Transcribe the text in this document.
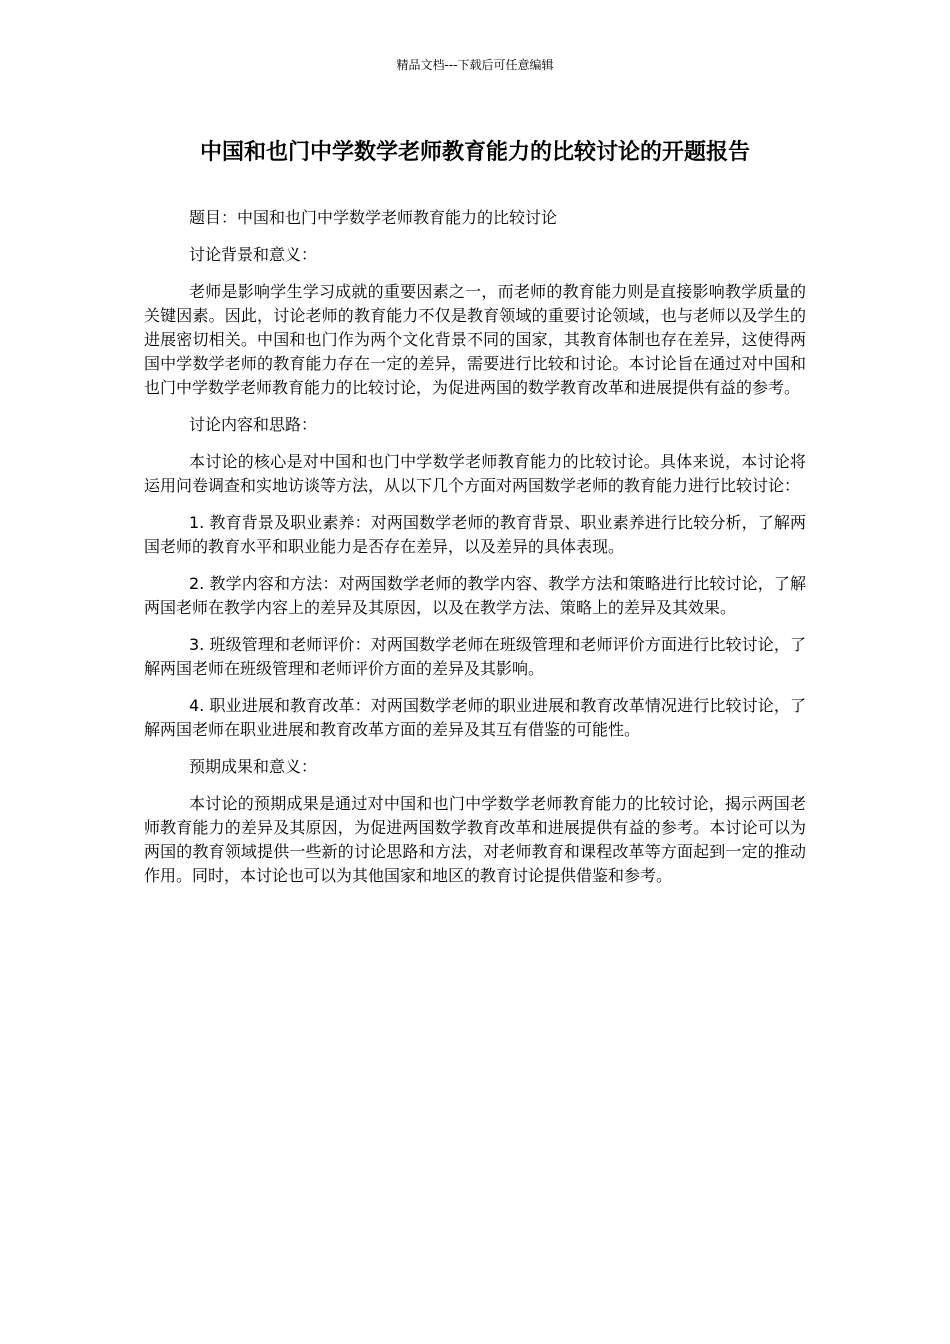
精品文档---下载后可任意编辑
中国和也门中学数学老师教育能力的比较讨论的开题报告

题目：中国和也门中学数学老师教育能力的比较讨论

讨论背景和意义：

老师是影响学生学习成就的重要因素之一，而老师的教育能力则是直接影响教学质量的关键因素。因此，讨论老师的教育能力不仅是教育领域的重要讨论领域，也与老师以及学生的进展密切相关。中国和也门作为两个文化背景不同的国家，其教育体制也存在差异，这使得两国中学数学老师的教育能力存在一定的差异，需要进行比较和讨论。本讨论旨在通过对中国和也门中学数学老师教育能力的比较讨论，为促进两国的数学教育改革和进展提供有益的参考。

讨论内容和思路：

本讨论的核心是对中国和也门中学数学老师教育能力的比较讨论。具体来说，本讨论将运用问卷调查和实地访谈等方法，从以下几个方面对两国数学老师的教育能力进行比较讨论：

1. 教育背景及职业素养：对两国数学老师的教育背景、职业素养进行比较分析，了解两国老师的教育水平和职业能力是否存在差异，以及差异的具体表现。

2. 教学内容和方法：对两国数学老师的教学内容、教学方法和策略进行比较讨论，了解两国老师在教学内容上的差异及其原因，以及在教学方法、策略上的差异及其效果。

3. 班级管理和老师评价：对两国数学老师在班级管理和老师评价方面进行比较讨论，了解两国老师在班级管理和老师评价方面的差异及其影响。

4. 职业进展和教育改革：对两国数学老师的职业进展和教育改革情况进行比较讨论，了解两国老师在职业进展和教育改革方面的差异及其互有借鉴的可能性。

预期成果和意义：

本讨论的预期成果是通过对中国和也门中学数学老师教育能力的比较讨论，揭示两国老师教育能力的差异及其原因，为促进两国数学教育改革和进展提供有益的参考。本讨论可以为两国的教育领域提供一些新的讨论思路和方法，对老师教育和课程改革等方面起到一定的推动作用。同时，本讨论也可以为其他国家和地区的教育讨论提供借鉴和参考。
